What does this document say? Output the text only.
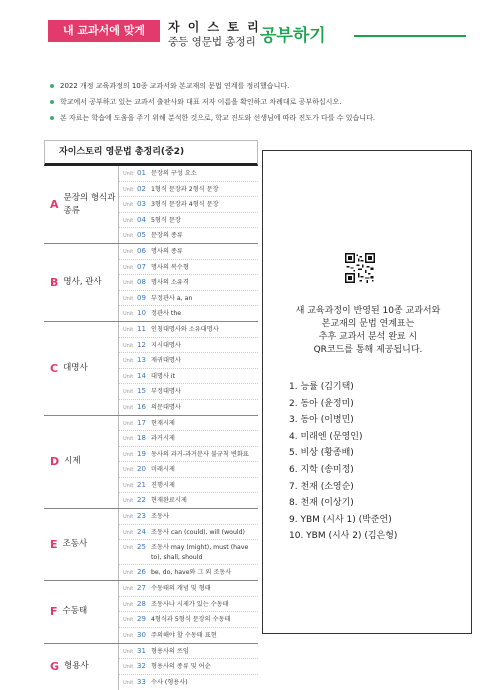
내 교과서에 맞게	자 이 스 토 리
중등 영문법 총정리 공부하기
2022 개정 교육과정의 10종 교과서와 본교재의 문법 연계를 정리했습니다.
학교에서 공부하고 있는 교과서 출판사와 대표 저자 이름을 확인하고 차례대로 공부하십시오.
본 자료는 학습에 도움을 주기 위해 분석한 것으로, 학교 진도와 선생님에 따라 진도가 다를 수 있습니다.
자이스토리 영문법 총정리(중2)
A
문장의 형식과 종류
Unit 01 문장의 구성 요소
Unit 02 1형식 문장과 2형식 문장
Unit 03 3형식 문장과 4형식 문장
Unit 04 5형식 문장
Unit 05 문장의 종류
B 명사, 관사
Unit 06 명사의 종류
Unit 07 명사의 복수형
Unit 08 명사의 소유격
Unit 09 부정관사 a, an
Unit 10 정관사 the
C 대명사
Unit 11 인칭대명사와 소유대명사
Unit 12 지시대명사
Unit 13 재귀대명사
Unit 14 대명사 it
Unit 15 부정대명사
Unit 16 의문대명사
D 시제
Unit 17 현재시제
Unit 18 과거시제
Unit 19 동사의 과거-과거분사 불규칙 변화표
Unit 20 미래시제
Unit 21 진행시제
Unit 22 현재완료시제
E 조동사
Unit 23 조동사
Unit 24 조동사 can (could), will (would)
Unit 25 조동사 may (might), must (have to), shall, should
Unit 26 be, do, have와 그 외 조동사
F 수동태
Unit 27 수동태의 개념 및 형태
Unit 28 조동사나 시제가 있는 수동태
Unit 29 4형식과 5형식 문장의 수동태
Unit 30 주의해야 할 수동태 표현
G 형용사
Unit 31 형용사의 쓰임
Unit 32 형용사의 종류 및 어순
Unit 33 수사 (형용사)
새 교육과정이 반영된 10종 교과서와
본교재의 문법 연계표는
추후 교과서 분석 완료 시
QR코드를 통해 제공됩니다.
1. 능률 (김기택)
2. 동아 (윤정미)
3. 동아 (이병민)
4. 미래엔 (문영인)
5. 비상 (황종배)
6. 지학 (송미정)
7. 천재 (소영순)
8. 천재 (이상기)
9. YBM (시사 1) (박준언)
10. YBM (시사 2) (김은형)
